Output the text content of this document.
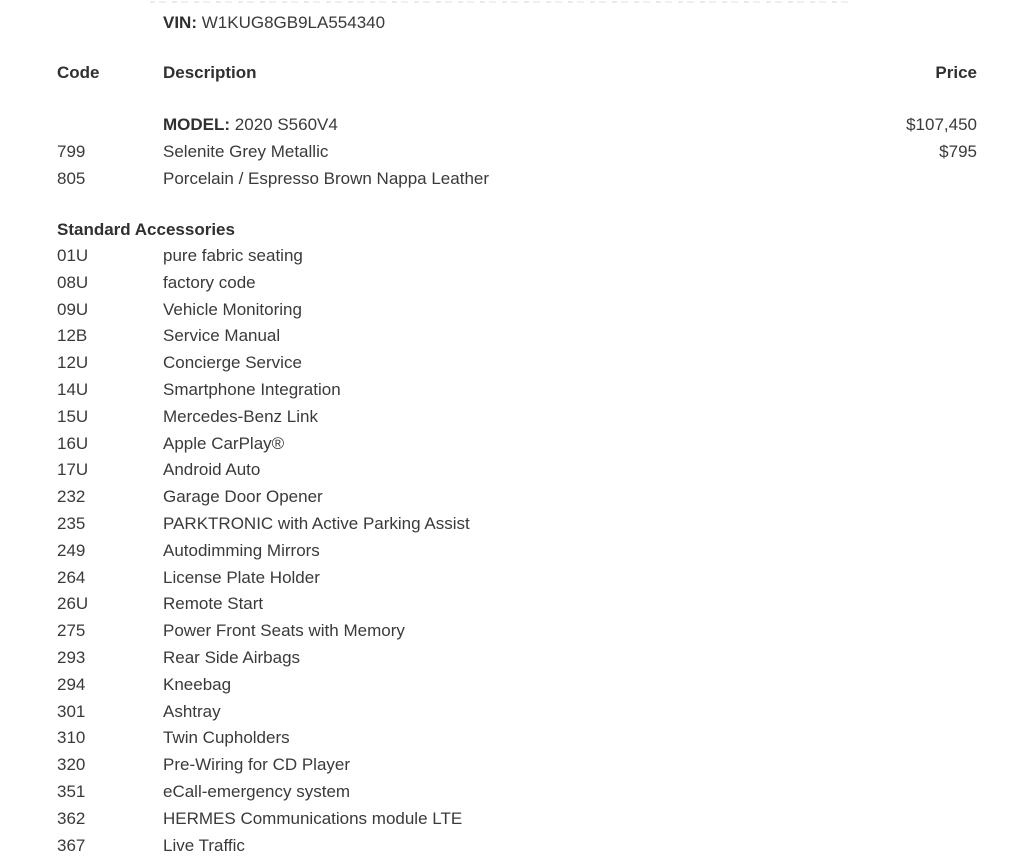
VIN: W1KUG8GB9LA554340
Code	Description	Price
MODEL: 2020 S560V4	$107,450
799	Selenite Grey Metallic	$795
805	Porcelain / Espresso Brown Nappa Leather
Standard Accessories
01U	pure fabric seating
08U	factory code
09U	Vehicle Monitoring
12B	Service Manual
12U	Concierge Service
14U	Smartphone Integration
15U	Mercedes-Benz Link
16U	Apple CarPlay®
17U	Android Auto
232	Garage Door Opener
235	PARKTRONIC with Active Parking Assist
249	Autodimming Mirrors
264	License Plate Holder
26U	Remote Start
275	Power Front Seats with Memory
293	Rear Side Airbags
294	Kneebag
301	Ashtray
310	Twin Cupholders
320	Pre-Wiring for CD Player
351	eCall-emergency system
362	HERMES Communications module LTE
367	Live Traffic
